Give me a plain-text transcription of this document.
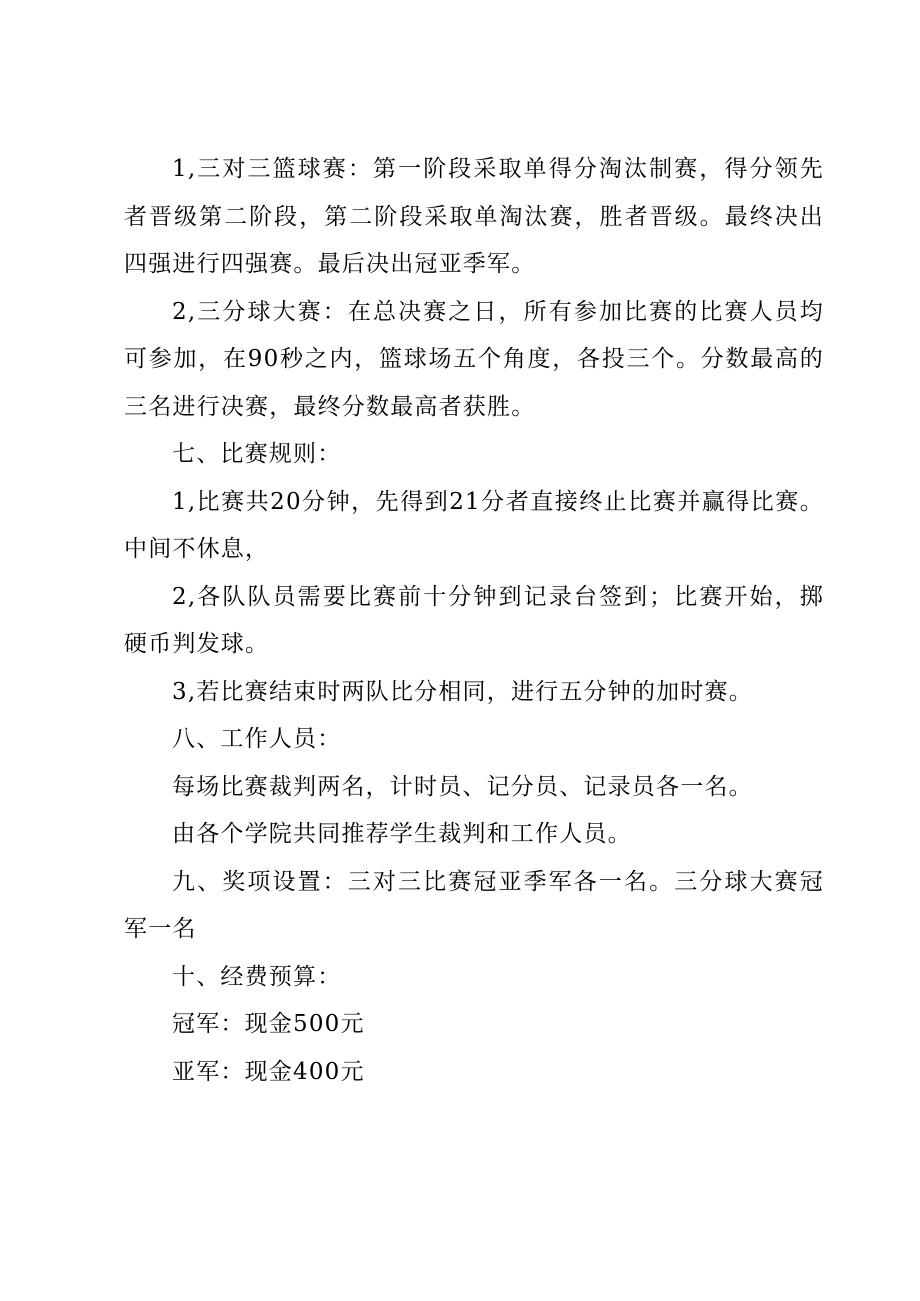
1,三对三篮球赛：第一阶段采取单得分淘汰制赛，得分领先者晋级第二阶段，第二阶段采取单淘汰赛，胜者晋级。最终决出四强进行四强赛。最后决出冠亚季军。

2,三分球大赛：在总决赛之日，所有参加比赛的比赛人员均可参加，在90秒之内，篮球场五个角度，各投三个。分数最高的三名进行决赛，最终分数最高者获胜。

七、比赛规则：

1,比赛共20分钟，先得到21分者直接终止比赛并赢得比赛。中间不休息，

2,各队队员需要比赛前十分钟到记录台签到；比赛开始，掷硬币判发球。

3,若比赛结束时两队比分相同，进行五分钟的加时赛。

八、工作人员：

每场比赛裁判两名，计时员、记分员、记录员各一名。

由各个学院共同推荐学生裁判和工作人员。

九、奖项设置：三对三比赛冠亚季军各一名。三分球大赛冠军一名

十、经费预算：

冠军：现金500元

亚军：现金400元
